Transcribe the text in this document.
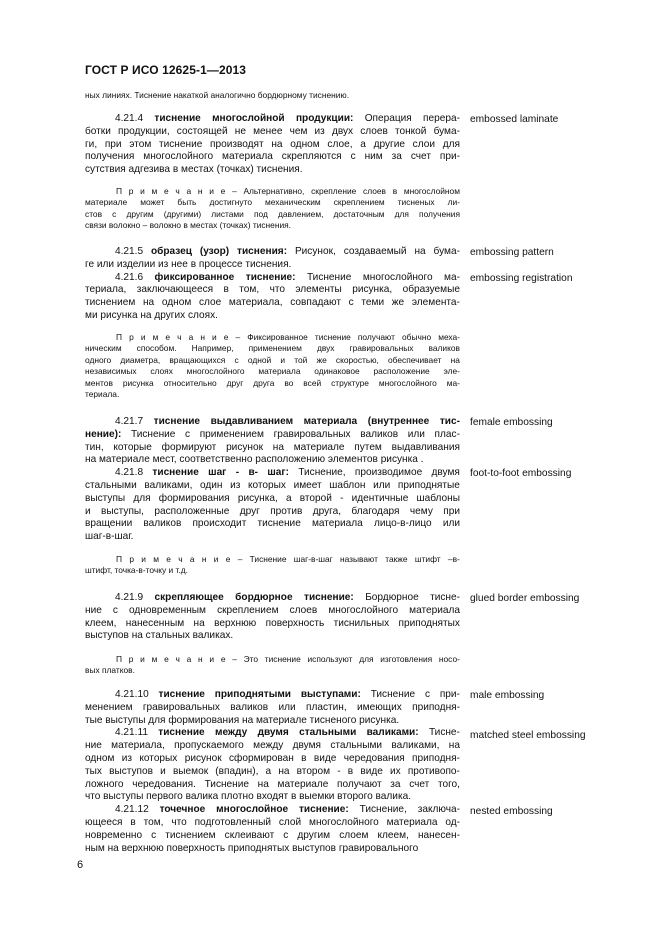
ГОСТ Р ИСО 12625-1—2013
ных линиях. Тиснение накаткой аналогично бордюрному тиснению.
4.21.4 тиснение многослойной продукции: Операция перера-
ботки продукции, состоящей не менее чем из двух слоев тонкой бума-
ги, при этом тиснение производят на одном слое, а другие слои для
получения многослойного материала скрепляются с ним за счет при-
сутствия адгезива в местах (точках) тиснения.
П р и м е ч а н и е – Альтернативно, скрепление слоев в многослойном
материале может быть достигнуто механическим скреплением тисненых ли-
стов с другим (другими) листами под давлением, достаточным для получения
связи волокно – волокно в местах (точках) тиснения.
4.21.5 образец (узор) тиснения: Рисунок, создаваемый на бума-
ге или изделии из нее в процессе тиснения.
4.21.6 фиксированное тиснение: Тиснение многослойного ма-
териала, заключающееся в том, что элементы рисунка, образуемые
тиснением на одном слое материала, совпадают с теми же элемента-
ми рисунка на других слоях.
П р и м е ч а н и е – Фиксированное тиснение получают обычно меха-
ническим способом. Например, применением двух гравировальных валиков
одного диаметра, вращающихся с одной и той же скоростью, обеспечивает на
независимых слоях многослойного материала одинаковое расположение эле-
ментов рисунка относительно друг друга во всей структуре многослойного ма-
териала.
4.21.7 тиснение выдавливанием материала (внутреннее тис-
нение): Тиснение с применением гравировальных валиков или плас-
тин, которые формируют рисунок на материале путем выдавливания
на материале мест, соответственно расположению элементов рисунка .
4.21.8 тиснение шаг - в- шаг: Тиснение, производимое двумя
стальными валиками, один из которых имеет шаблон или приподнятые
выступы для формирования рисунка, а второй - идентичные шаблоны
и выступы, расположенные друг против друга, благодаря чему при
вращении валиков происходит тиснение материала лицо-в-лицо или
шаг-в-шаг.
П р и м е ч а н и е – Тиснение шаг-в-шаг называют также штифт –в-
штифт, точка-в-точку и т.д.
4.21.9 скрепляющее бордюрное тиснение: Бордюрное тисне-
ние с одновременным скреплением слоев многослойного материала
клеем, нанесенным на верхнюю поверхность тиснильных приподнятых
выступов на стальных валиках.
П р и м е ч а н и е – Это тиснение используют для изготовления носо-
вых платков.
4.21.10 тиснение приподнятыми выступами: Тиснение с при-
менением гравировальных валиков или пластин, имеющих приподня-
тые выступы для формирования на материале тисненого рисунка.
4.21.11 тиснение между двумя стальными валиками: Тисне-
ние материала, пропускаемого между двумя стальными валиками, на
одном из которых рисунок сформирован в виде чередования приподня-
тых выступов и выемок (впадин), а на втором - в виде их противопо-
ложного чередования. Тиснение на материале получают за счет того,
что выступы первого валика плотно входят в выемки второго валика.
4.21.12 точечное многослойное тиснение: Тиснение, заключа-
ющееся в том, что подготовленный слой многослойного материала од-
новременно с тиснением склеивают с другим слоем клеем, нанесен-
ным на верхнюю поверхность приподнятых выступов гравировального
embossed laminate
embossing pattern
embossing registration
female embossing
foot-to-foot embossing
glued border embossing
male embossing
matched steel embossing
nested embossing
6
